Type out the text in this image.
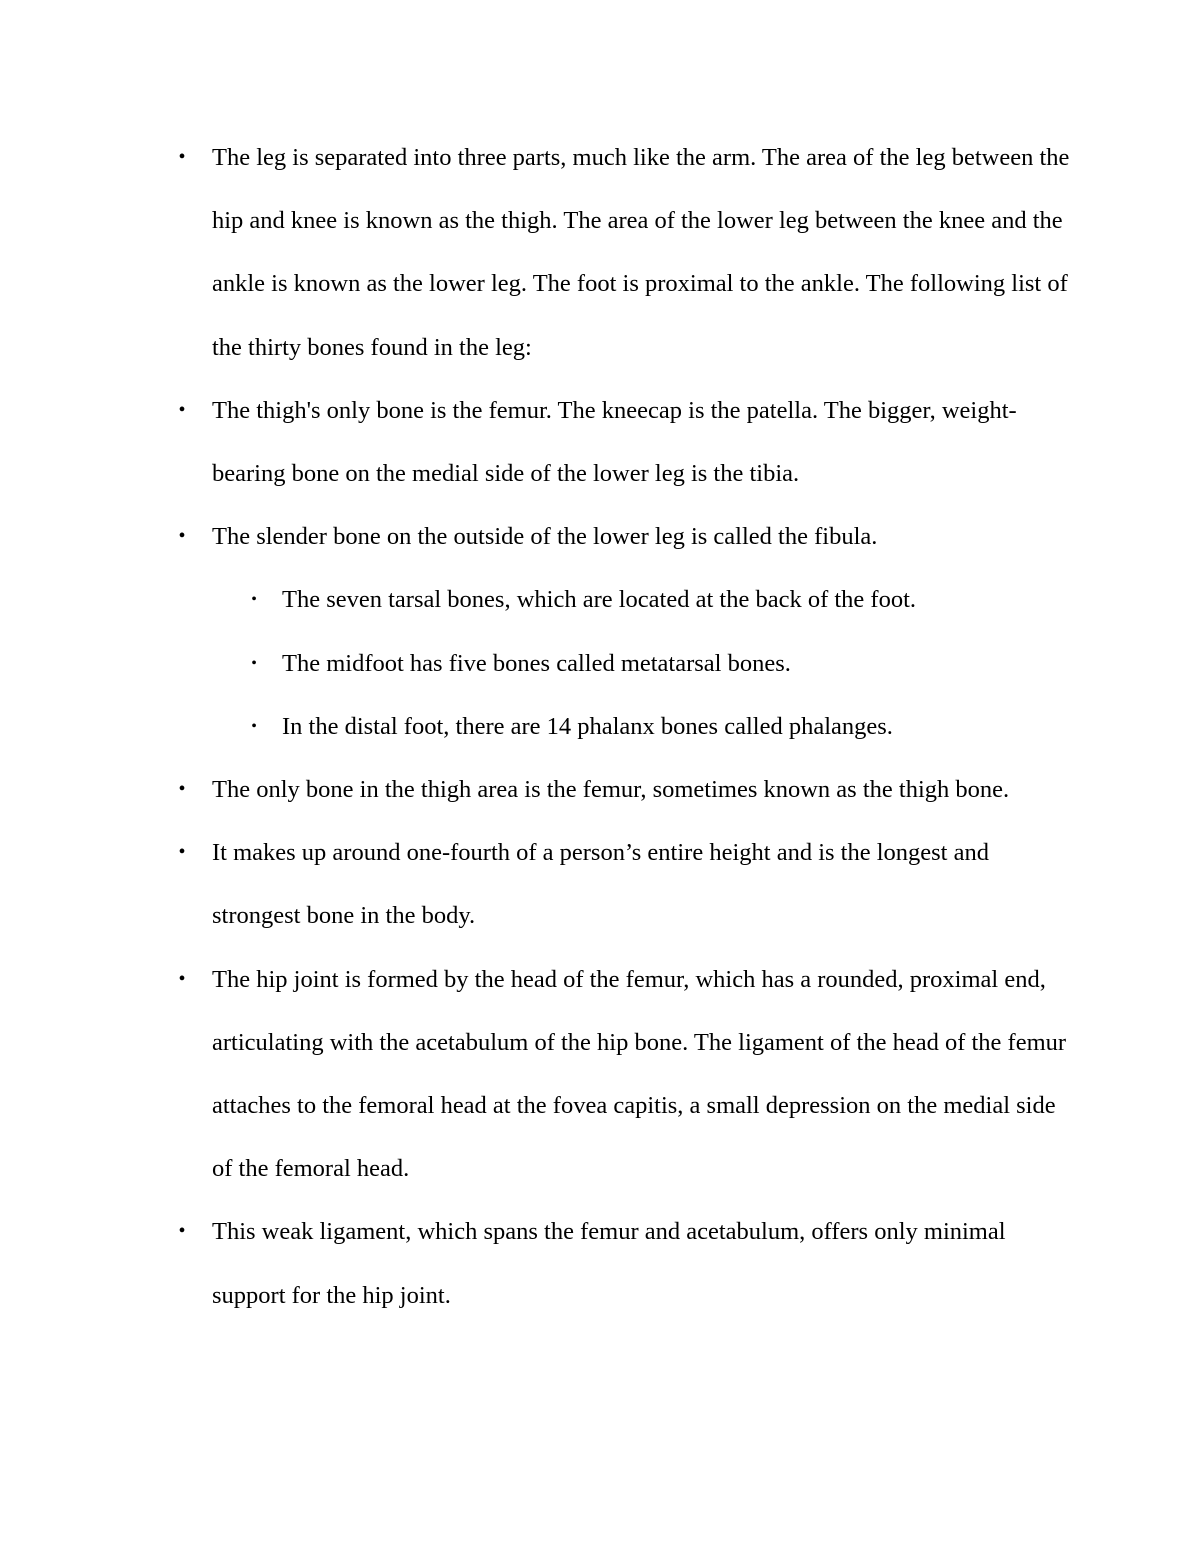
• The leg is separated into three parts, much like the arm. The area of the leg between the hip and knee is known as the thigh. The area of the lower leg between the knee and the ankle is known as the lower leg. The foot is proximal to the ankle. The following list of the thirty bones found in the leg:
• The thigh's only bone is the femur. The kneecap is the patella. The bigger, weight-bearing bone on the medial side of the lower leg is the tibia.
• The slender bone on the outside of the lower leg is called the fibula.
• The seven tarsal bones, which are located at the back of the foot.
• The midfoot has five bones called metatarsal bones.
• In the distal foot, there are 14 phalanx bones called phalanges.
• The only bone in the thigh area is the femur, sometimes known as the thigh bone.
• It makes up around one-fourth of a person’s entire height and is the longest and strongest bone in the body.
• The hip joint is formed by the head of the femur, which has a rounded, proximal end, articulating with the acetabulum of the hip bone. The ligament of the head of the femur attaches to the femoral head at the fovea capitis, a small depression on the medial side of the femoral head.
• This weak ligament, which spans the femur and acetabulum, offers only minimal support for the hip joint.
